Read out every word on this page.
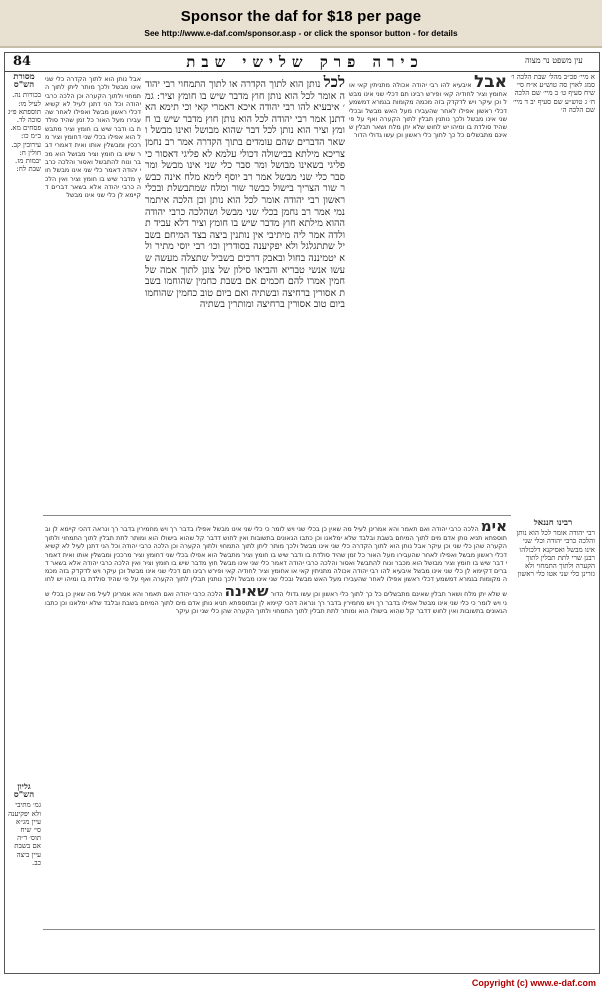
Sponsor the daf for $18 per page
See http://www.e-daf.com/sponsor.asp - or click the sponsor button - for details
84	כירה פרק שלישי שבת	עין משפט נר מצוה
מסורת הש"ס
בכורות נה. לעיל מו: תוספתא פ״ג סוכה לד. פסחים מא. ב״מ כו: עירובין קב. חולין ח: יבמות מז. שבת לח:
אבל נותן הוא לתוך הקדרה כלי שני אינו מבשל ולכך מותר ליתן לתוך התמחוי ולתוך הקערה וכן הלכה כרבי יהודה וכל הני דתנן לעיל לא קשיא דכלי ראשון מבשל ואפילו לאחר שהעבירו מעל האור כל זמן שהיד סולדת בו ודבר שיש בו חומץ וציר מתבשל הוא אפילו בכלי שני דחומץ וציר מרככין ומבשלין אותו ואית דאמרי דבר שיש בו חומץ וציר מבושל הוא מכבר ונוח להתבשל ואסור והלכה כרבי יהודה דאמר כלי שני אינו מבשל חוץ מדבר שיש בו חומץ וציר ואין הלכה כרבי יהודה אלא בשאר דברים דקיימא לן כלי שני אינו מבשל
לכל נותן הוא לתוך הקדרה או לתוך התמחוי רבי יהודה אומר לכל הוא נותן חוץ מדבר שיש בו חומץ וציר: גמ׳ איבעיא להו רבי יהודה איכא דאמרי קאי וכי תימא הא דתנן אמר רבי יהודה לכל הוא נותן חוץ מדבר שיש בו חומץ וציר הוא נותן לכל דבר שהוא מבושל ואינו מבשל ושאר הדברים שהם עומדים בתוך הקדרה אמר רב נחמן צריכא מילתא בבישולה דכולי עלמא לא פליגי דאסור כי פליגי בשאינו מבושל ומר סבר כלי שני אינו מבשל ומר סבר כלי שני מבשל אמר רב יוסף לימא מלח אינה כבשר שור הצריך בישול כבשר שור ומלח שמתבשלת ובכלי ראשון רבי יהודה אומר לכל הוא נותן וכן הלכה איתמר נמי אמר רב נחמן בכלי שני מבשל ושהלכה כרבי יהודה ההוא מילתא חוץ מדבר שיש בו חומץ וציר דלא עביד תולדה אמר ליה מיתיבי אין נותנין ביצה בצד המיחם בשביל שתתגלגל ולא יפקיענה בסודרין וכו׳ רבי יוסי מתיר ולא יטמיננה בחול ובאבק דרכים בשביל שתצלה מעשה שעשו אנשי טבריא והביאו סילון של צונן לתוך אמה של חמין אמרו להם חכמים אם בשבת כחמין שהוחמו בשבת אסורין ברחיצה ובשתיה ואם ביום טוב כחמין שהוחמו ביום טוב אסורין ברחיצה ומותרין בשתיה
אבל איבעיא להו רבי יהודה אכולה מתניתין קאי או אחומץ וציר לחודיה קאי ופירש רבינו תם דכלי שני אינו מבשל וכן עיקר ויש לדקדק בזה מכמה מקומות בגמרא דמשמע דכלי ראשון אפילו לאחר שהעבירו מעל האש מבשל ובכלי שני אינו מבשל ולכך נותנין תבלין לתוך הקערה ואף על פי שהיד סולדת בו ומיהו יש לחוש שלא יתן מלח ושאר תבלין שאינם מתבשלים כל כך לתוך כלי ראשון וכן עשו גדולי הדור
א מיי׳ פכ״ב מהל׳ שבת הלכה ו׳ סמג לאוין סה טוש״ע א״ח סי׳ שיח סעיף ט׳ ב מיי׳ שם הלכה ח׳ ג טוש״ע שם סעיף יב ד מיי׳ שם הלכה ה׳
אימ הלכה כרבי יהודה ואם תאמר והא אמרינן לעיל מה שאין כן בכלי שני ויש לומר כי כלי שני אינו מבשל אפילו בדבר רך ויש מחמירין בדבר רך ונראה דהכי קיימא לן ובתוספתא תניא נותן אדם מים לתוך המיחם בשבת ובלבד שלא ימלאנו וכן כתבו הגאונים בתשובות ואין לחוש דדבר קל שהוא בישולו הוא ומותר לתת תבלין לתוך התמחוי ולתוך הקערה שהן כלי שני וכן עיקר אבל נותן הוא לתוך הקדרה כלי שני אינו מבשל ולכך מותר ליתן לתוך התמחוי ולתוך הקערה וכן הלכה כרבי יהודה וכל הני דתנן לעיל לא קשיא דכלי ראשון מבשל ואפילו לאחר שהעבירו מעל האור כל זמן שהיד סולדת בו ודבר שיש בו חומץ וציר מתבשל הוא אפילו בכלי שני דחומץ וציר מרככין ומבשלין אותו ואית דאמרי דבר שיש בו חומץ וציר מבושל הוא מכבר ונוח להתבשל ואסור והלכה כרבי יהודה דאמר כלי שני אינו מבשל חוץ מדבר שיש בו חומץ וציר ואין הלכה כרבי יהודה אלא בשאר דברים דקיימא לן כלי שני אינו מבשל איבעיא להו רבי יהודה אכולה מתניתין קאי או אחומץ וציר לחודיה קאי ופירש רבינו תם דכלי שני אינו מבשל וכן עיקר ויש לדקדק בזה מכמה מקומות בגמרא דמשמע דכלי ראשון אפילו לאחר שהעבירו מעל האש מבשל ובכלי שני אינו מבשל ולכך נותנין תבלין לתוך הקערה ואף על פי שהיד סולדת בו ומיהו יש לחוש שלא יתן מלח ושאר תבלין שאינם מתבשלים כל כך לתוך כלי ראשון וכן עשו גדולי הדור שאינה הלכה כרבי יהודה ואם תאמר והא אמרינן לעיל מה שאין כן בכלי שני ויש לומר כי כלי שני אינו מבשל אפילו בדבר רך ויש מחמירין בדבר רך ונראה דהכי קיימא לן ובתוספתא תניא נותן אדם מים לתוך המיחם בשבת ובלבד שלא ימלאנו וכן כתבו הגאונים בתשובות ואין לחוש דדבר קל שהוא בישולו הוא ומותר לתת תבלין לתוך התמחוי ולתוך הקערה שהן כלי שני וכן עיקר
רבינו חננאל
רבי יהודה אומר לכל הוא נותן והלכה כרבי יהודה וכלי שני אינו מבשל ואסיקנא דלכולהו רבנן שרי לתת תבלין לתוך הקערה ולתוך התמחוי ולא גזרינן כלי שני אטו כלי ראשון
גליון הש"ס
גמ׳ מתיבי ולא יפקיענה עיין מג״א סי׳ שיח תוס׳ ד״ה אם בשבת עיין ביצה כב.
Copyright (c) www.e-daf.com
